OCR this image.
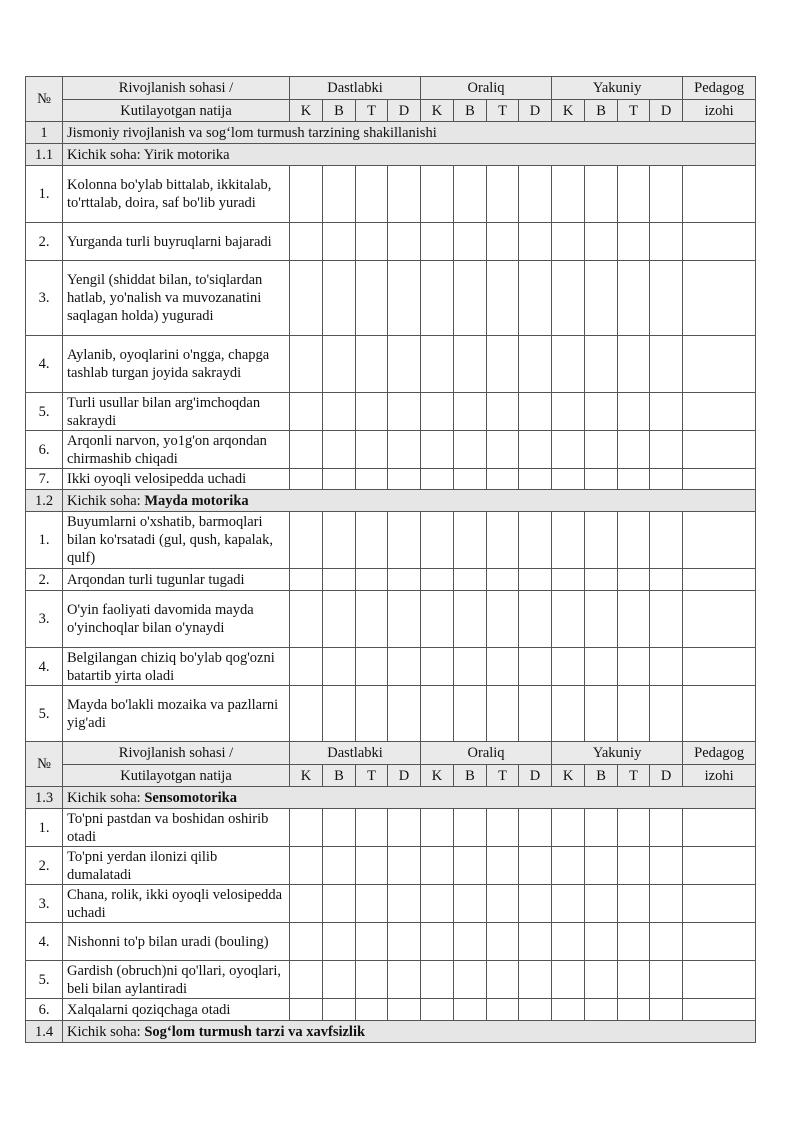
№	Rivojlanish sohasi /	Dastlabki				Oraliq				Yakuniy				Pedagog
	Kutilayotgan natija	K	B	T	D	K	B	T	D	K	B	T	D	izohi
1	Jismoniy rivojlanish va sog‘lom turmush tarzining shakillanishi													
1.1	Kichik soha: Yirik motorika													
1.	Kolonna bo'ylab bittalab, ikkitalab, to'rttalab, doira, saf bo'lib yuradi													
2.	Yurganda turli buyruqlarni bajaradi													
3.	Yengil (shiddat bilan, to'siqlardan hatlab, yo'nalish va muvozanatini saqlagan holda) yuguradi													
4.	Aylanib, oyoqlarini o'ngga, chapga tashlab turgan joyida sakraydi													
5.	Turli usullar bilan arg'imchoqdan sakraydi													
6.	Arqonli narvon, yo1g'on arqondan chirmashib chiqadi													
7.	Ikki oyoqli velosipedda uchadi													
1.2	Kichik soha: Mayda motorika													
1.	Buyumlarni o'xshatib, barmoqlari bilan ko'rsatadi (gul, qush, kapalak, qulf)													
2.	Arqondan turli tugunlar tugadi													
3.	O'yin faoliyati davomida mayda o'yinchoqlar bilan o'ynaydi													
4.	Belgilangan chiziq bo'ylab qog'ozni batartib yirta oladi													
5.	Mayda bo'lakli mozaika va pazllarni yig'adi													
№	Rivojlanish sohasi /	Dastlabki				Oraliq				Yakuniy				Pedagog
	Kutilayotgan natija	K	B	T	D	K	B	T	D	K	B	T	D	izohi
1.3	Kichik soha: Sensomotorika													
1.	To'pni pastdan va boshidan oshirib otadi													
2.	To'pni yerdan ilonizi qilib dumalatadi													
3.	Chana, rolik, ikki oyoqli velosipedda uchadi													
4.	Nishonni to'p bilan uradi (bouling)													
5.	Gardish (obruch)ni qo'llari, oyoqlari, beli bilan aylantiradi													
6.	Xalqalarni qoziqchaga otadi													
1.4	Kichik soha: Sog‘lom turmush tarzi va xavfsizlik													
